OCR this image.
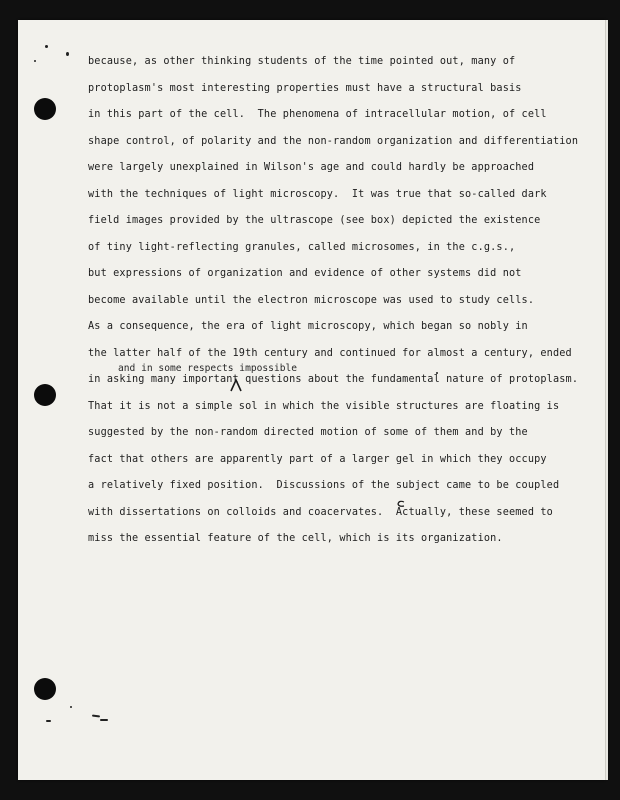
because, as other thinking students of the time pointed out, many of
protoplasm's most interesting properties must have a structural basis
in this part of the cell.  The phenomena of intracellular motion, of cell
shape control, of polarity and the non-random organization and differentiation
were largely unexplained in Wilson's age and could hardly be approached
with the techniques of light microscopy.  It was true that so-called dark
field images provided by the ultrascope (see box) depicted the existence
of tiny light-reflecting granules, called microsomes, in the c.g.s.,
but expressions of organization and evidence of other systems did not
become available until the electron microscope was used to study cells.
As a consequence, the era of light microscopy, which began so nobly in
the latter half of the 19th century and continued for almost a century, ended
in asking many important questions about the fundamental nature of protoplasm.
That it is not a simple sol in which the visible structures are floating is
suggested by the non-random directed motion of some of them and by the
fact that others are apparently part of a larger gel in which they occupy
a relatively fixed position.  Discussions of the subject came to be coupled
with dissertations on colloids and coacervates.  Actually, these seemed to
miss the essential feature of the cell, which is its organization.
and in some respects impossible
